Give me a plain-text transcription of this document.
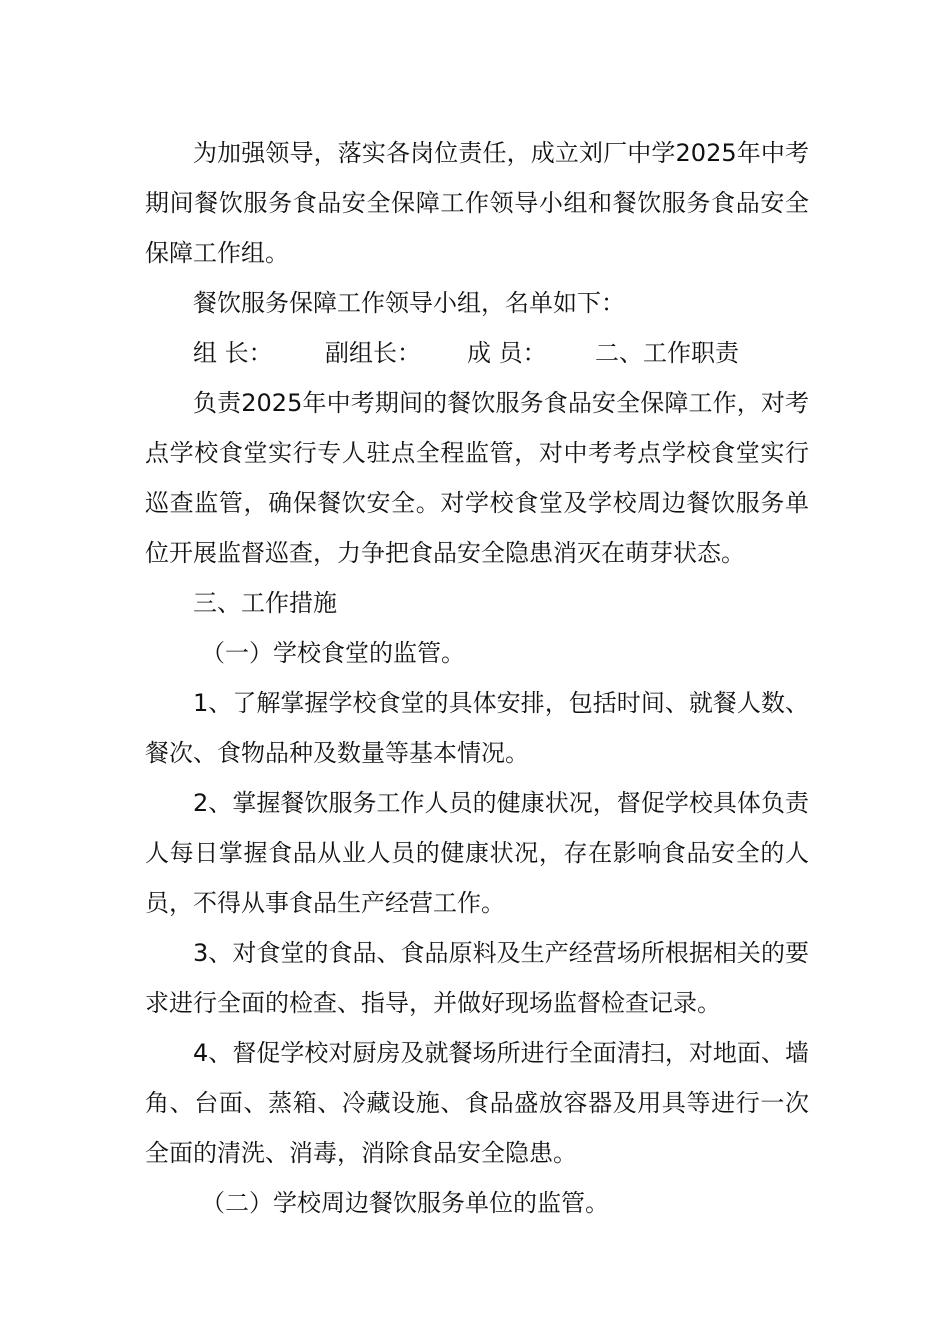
为加强领导，落实各岗位责任，成立刘厂中学2025年中考期间餐饮服务食品安全保障工作领导小组和餐饮服务食品安全保障工作组。

餐饮服务保障工作领导小组，名单如下：

组 长：	副组长：	成 员：	二、工作职责

负责2025年中考期间的餐饮服务食品安全保障工作，对考点学校食堂实行专人驻点全程监管，对中考考点学校食堂实行巡查监管，确保餐饮安全。对学校食堂及学校周边餐饮服务单位开展监督巡查，力争把食品安全隐患消灭在萌芽状态。

三、工作措施

（一）学校食堂的监管。

1、了解掌握学校食堂的具体安排，包括时间、就餐人数、餐次、食物品种及数量等基本情况。

2、掌握餐饮服务工作人员的健康状况，督促学校具体负责人每日掌握食品从业人员的健康状况，存在影响食品安全的人员，不得从事食品生产经营工作。

3、对食堂的食品、食品原料及生产经营场所根据相关的要求进行全面的检查、指导，并做好现场监督检查记录。

4、督促学校对厨房及就餐场所进行全面清扫，对地面、墙角、台面、蒸箱、冷藏设施、食品盛放容器及用具等进行一次全面的清洗、消毒，消除食品安全隐患。

（二）学校周边餐饮服务单位的监管。
